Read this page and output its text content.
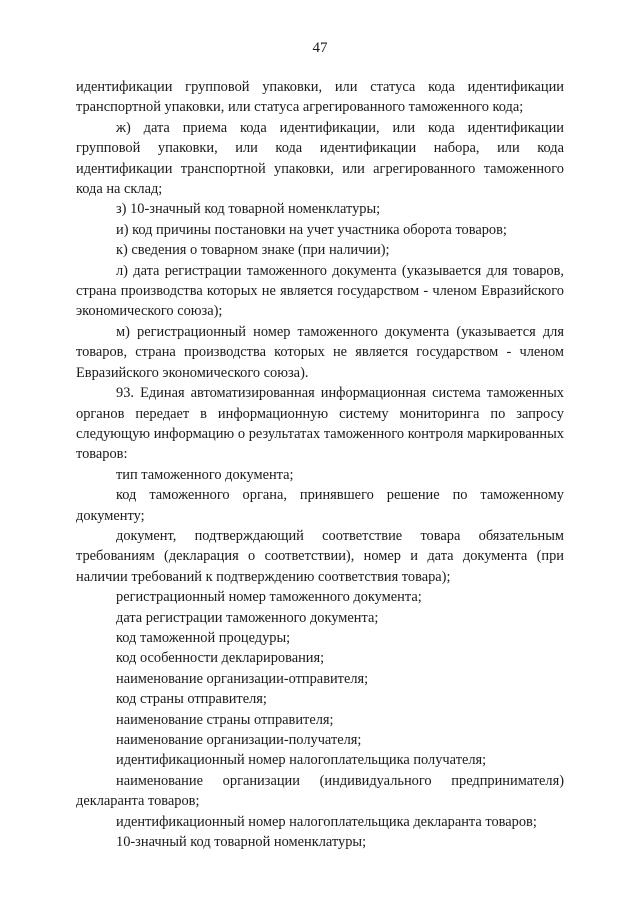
47

идентификации групповой упаковки, или статуса кода идентификации транспортной упаковки, или статуса агрегированного таможенного кода;

ж) дата приема кода идентификации, или кода идентификации групповой упаковки, или кода идентификации набора, или кода идентификации транспортной упаковки, или агрегированного таможенного кода на склад;

з) 10-значный код товарной номенклатуры;

и) код причины постановки на учет участника оборота товаров;

к) сведения о товарном знаке (при наличии);

л) дата регистрации таможенного документа (указывается для товаров, страна производства которых не является государством - членом Евразийского экономического союза);

м) регистрационный номер таможенного документа (указывается для товаров, страна производства которых не является государством - членом Евразийского экономического союза).

93. Единая автоматизированная информационная система таможенных органов передает в информационную систему мониторинга по запросу следующую информацию о результатах таможенного контроля маркированных товаров:

тип таможенного документа;

код таможенного органа, принявшего решение по таможенному документу;

документ, подтверждающий соответствие товара обязательным требованиям (декларация о соответствии), номер и дата документа (при наличии требований к подтверждению соответствия товара);

регистрационный номер таможенного документа;

дата регистрации таможенного документа;

код таможенной процедуры;

код особенности декларирования;

наименование организации-отправителя;

код страны отправителя;

наименование страны отправителя;

наименование организации-получателя;

идентификационный номер налогоплательщика получателя;

наименование организации (индивидуального предпринимателя) декларанта товаров;

идентификационный номер налогоплательщика декларанта товаров;

10-значный код товарной номенклатуры;
